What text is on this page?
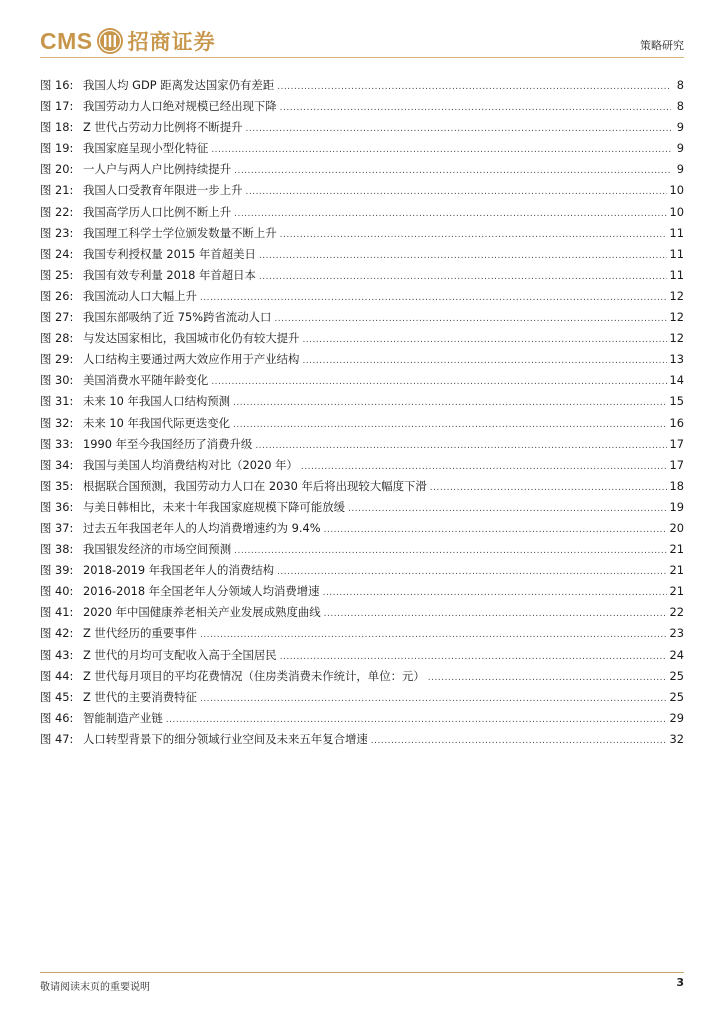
CMS 招商证券	策略研究
图 16: 我国人均 GDP 距离发达国家仍有差距 .....	8
图 17: 我国劳动力人口绝对规模已经出现下降 .....	8
图 18: Z 世代占劳动力比例将不断提升 .....	9
图 19: 我国家庭呈现小型化特征 .....	9
图 20: 一人户与两人户比例持续提升 .....	9
图 21: 我国人口受教育年限进一步上升 .....	10
图 22: 我国高学历人口比例不断上升 .....	10
图 23: 我国理工科学士学位颁发数量不断上升 .....	11
图 24: 我国专利授权量 2015 年首超美日 .....	11
图 25: 我国有效专利量 2018 年首超日本 .....	11
图 26: 我国流动人口大幅上升 .....	12
图 27: 我国东部吸纳了近 75%跨省流动人口 .....	12
图 28: 与发达国家相比，我国城市化仍有较大提升 .....	12
图 29: 人口结构主要通过两大效应作用于产业结构 .....	13
图 30: 美国消费水平随年龄变化 .....	14
图 31: 未来 10 年我国人口结构预测 .....	15
图 32: 未来 10 年我国代际更迭变化 .....	16
图 33: 1990 年至今我国经历了消费升级 .....	17
图 34: 我国与美国人均消费结构对比（2020 年） .....	17
图 35: 根据联合国预测，我国劳动力人口在 2030 年后将出现较大幅度下滑 .....	18
图 36: 与美日韩相比，未来十年我国家庭规模下降可能放缓 .....	19
图 37: 过去五年我国老年人的人均消费增速约为 9.4% .....	20
图 38: 我国银发经济的市场空间预测 .....	21
图 39: 2018-2019 年我国老年人的消费结构 .....	21
图 40: 2016-2018 年全国老年人分领域人均消费增速 .....	21
图 41: 2020 年中国健康养老相关产业发展成熟度曲线 .....	22
图 42: Z 世代经历的重要事件 .....	23
图 43: Z 世代的月均可支配收入高于全国居民 .....	24
图 44: Z 世代每月项目的平均花费情况（住房类消费未作统计，单位：元） .....	25
图 45: Z 世代的主要消费特征 .....	25
图 46: 智能制造产业链 .....	29
图 47: 人口转型背景下的细分领域行业空间及未来五年复合增速 .....	32
敬请阅读末页的重要说明	3
